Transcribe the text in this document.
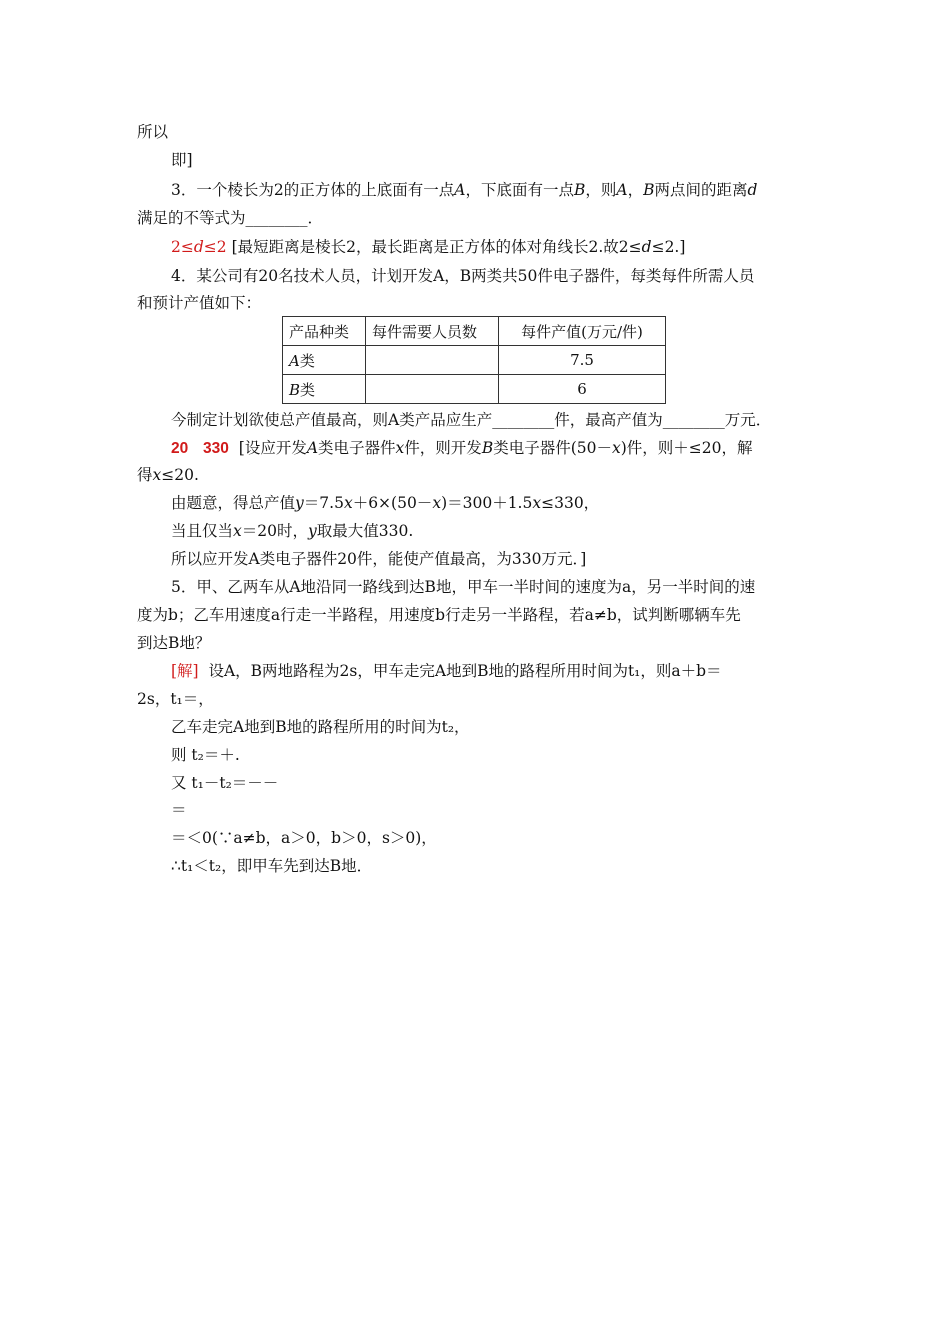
所以
即]
3．一个棱长为2的正方体的上底面有一点A，下底面有一点B，则A，B两点间的距离d
满足的不等式为________．
2≤d≤2 [最短距离是棱长2，最长距离是正方体的体对角线长2.故2≤d≤2.]
4．某公司有20名技术人员，计划开发A，B两类共50件电子器件，每类每件所需人员
和预计产值如下：
产品种类	每件需要人员数	每件产值(万元/件)
A类		7.5
B类		6
今制定计划欲使总产值最高，则A类产品应生产________件，最高产值为________万元．
20 330 [设应开发A类电子器件x件，则开发B类电子器件(50－x)件，则＋≤20，解
得x≤20.
由题意，得总产值y＝7.5x＋6×(50－x)＝300＋1.5x≤330，
当且仅当x＝20时，y取最大值330.
所以应开发A类电子器件20件，能使产值最高，为330万元．]
5．甲、乙两车从A地沿同一路线到达B地，甲车一半时间的速度为a，另一半时间的速
度为b；乙车用速度a行走一半路程，用速度b行走另一半路程，若a≠b，试判断哪辆车先
到达B地？
[解] 设A，B两地路程为2s，甲车走完A地到B地的路程所用时间为t₁，则a＋b＝
2s，t₁＝，
乙车走完A地到B地的路程所用的时间为t₂，
则 t₂＝＋.
又 t₁－t₂＝－－
＝
＝＜0(∵a≠b，a＞0，b＞0，s＞0)，
∴t₁＜t₂，即甲车先到达B地．
